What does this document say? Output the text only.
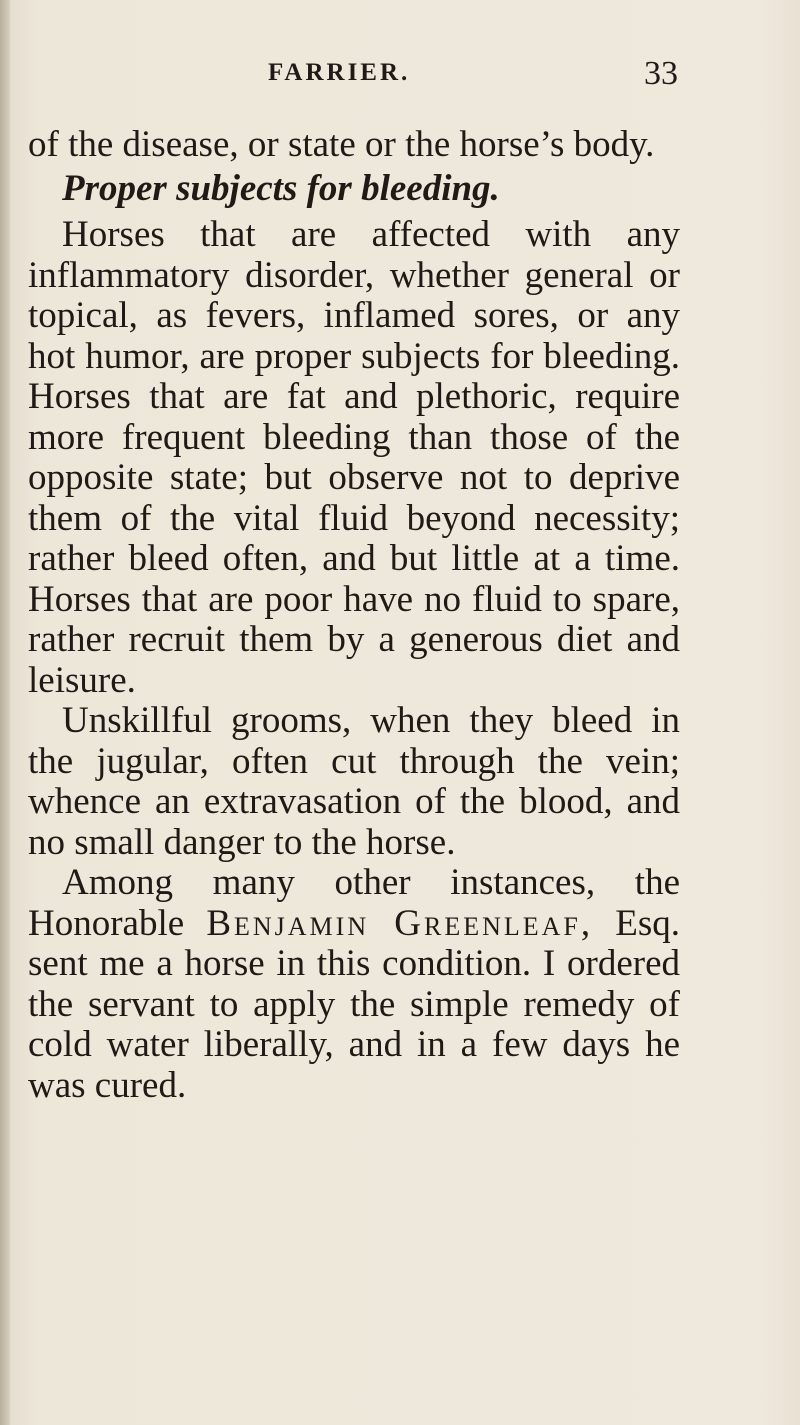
FARRIER.	33

of the disease, or state or the horse’s body.

Proper subjects for bleeding.

Horses that are affected with any inflammatory disorder, whether general or topical, as fevers, inflamed sores, or any hot humor, are proper subjects for bleeding. Horses that are fat and plethoric, require more frequent bleeding than those of the opposite state; but observe not to deprive them of the vital fluid beyond necessity; rather bleed often, and but little at a time. Horses that are poor have no fluid to spare, rather recruit them by a generous diet and leisure.

Unskillful grooms, when they bleed in the jugular, often cut through the vein; whence an extravasation of the blood, and no small danger to the horse.

Among many other instances, the Honorable Benjamin Greenleaf, Esq. sent me a horse in this condition. I ordered the servant to apply the simple remedy of cold water liberally, and in a few days he was cured.
